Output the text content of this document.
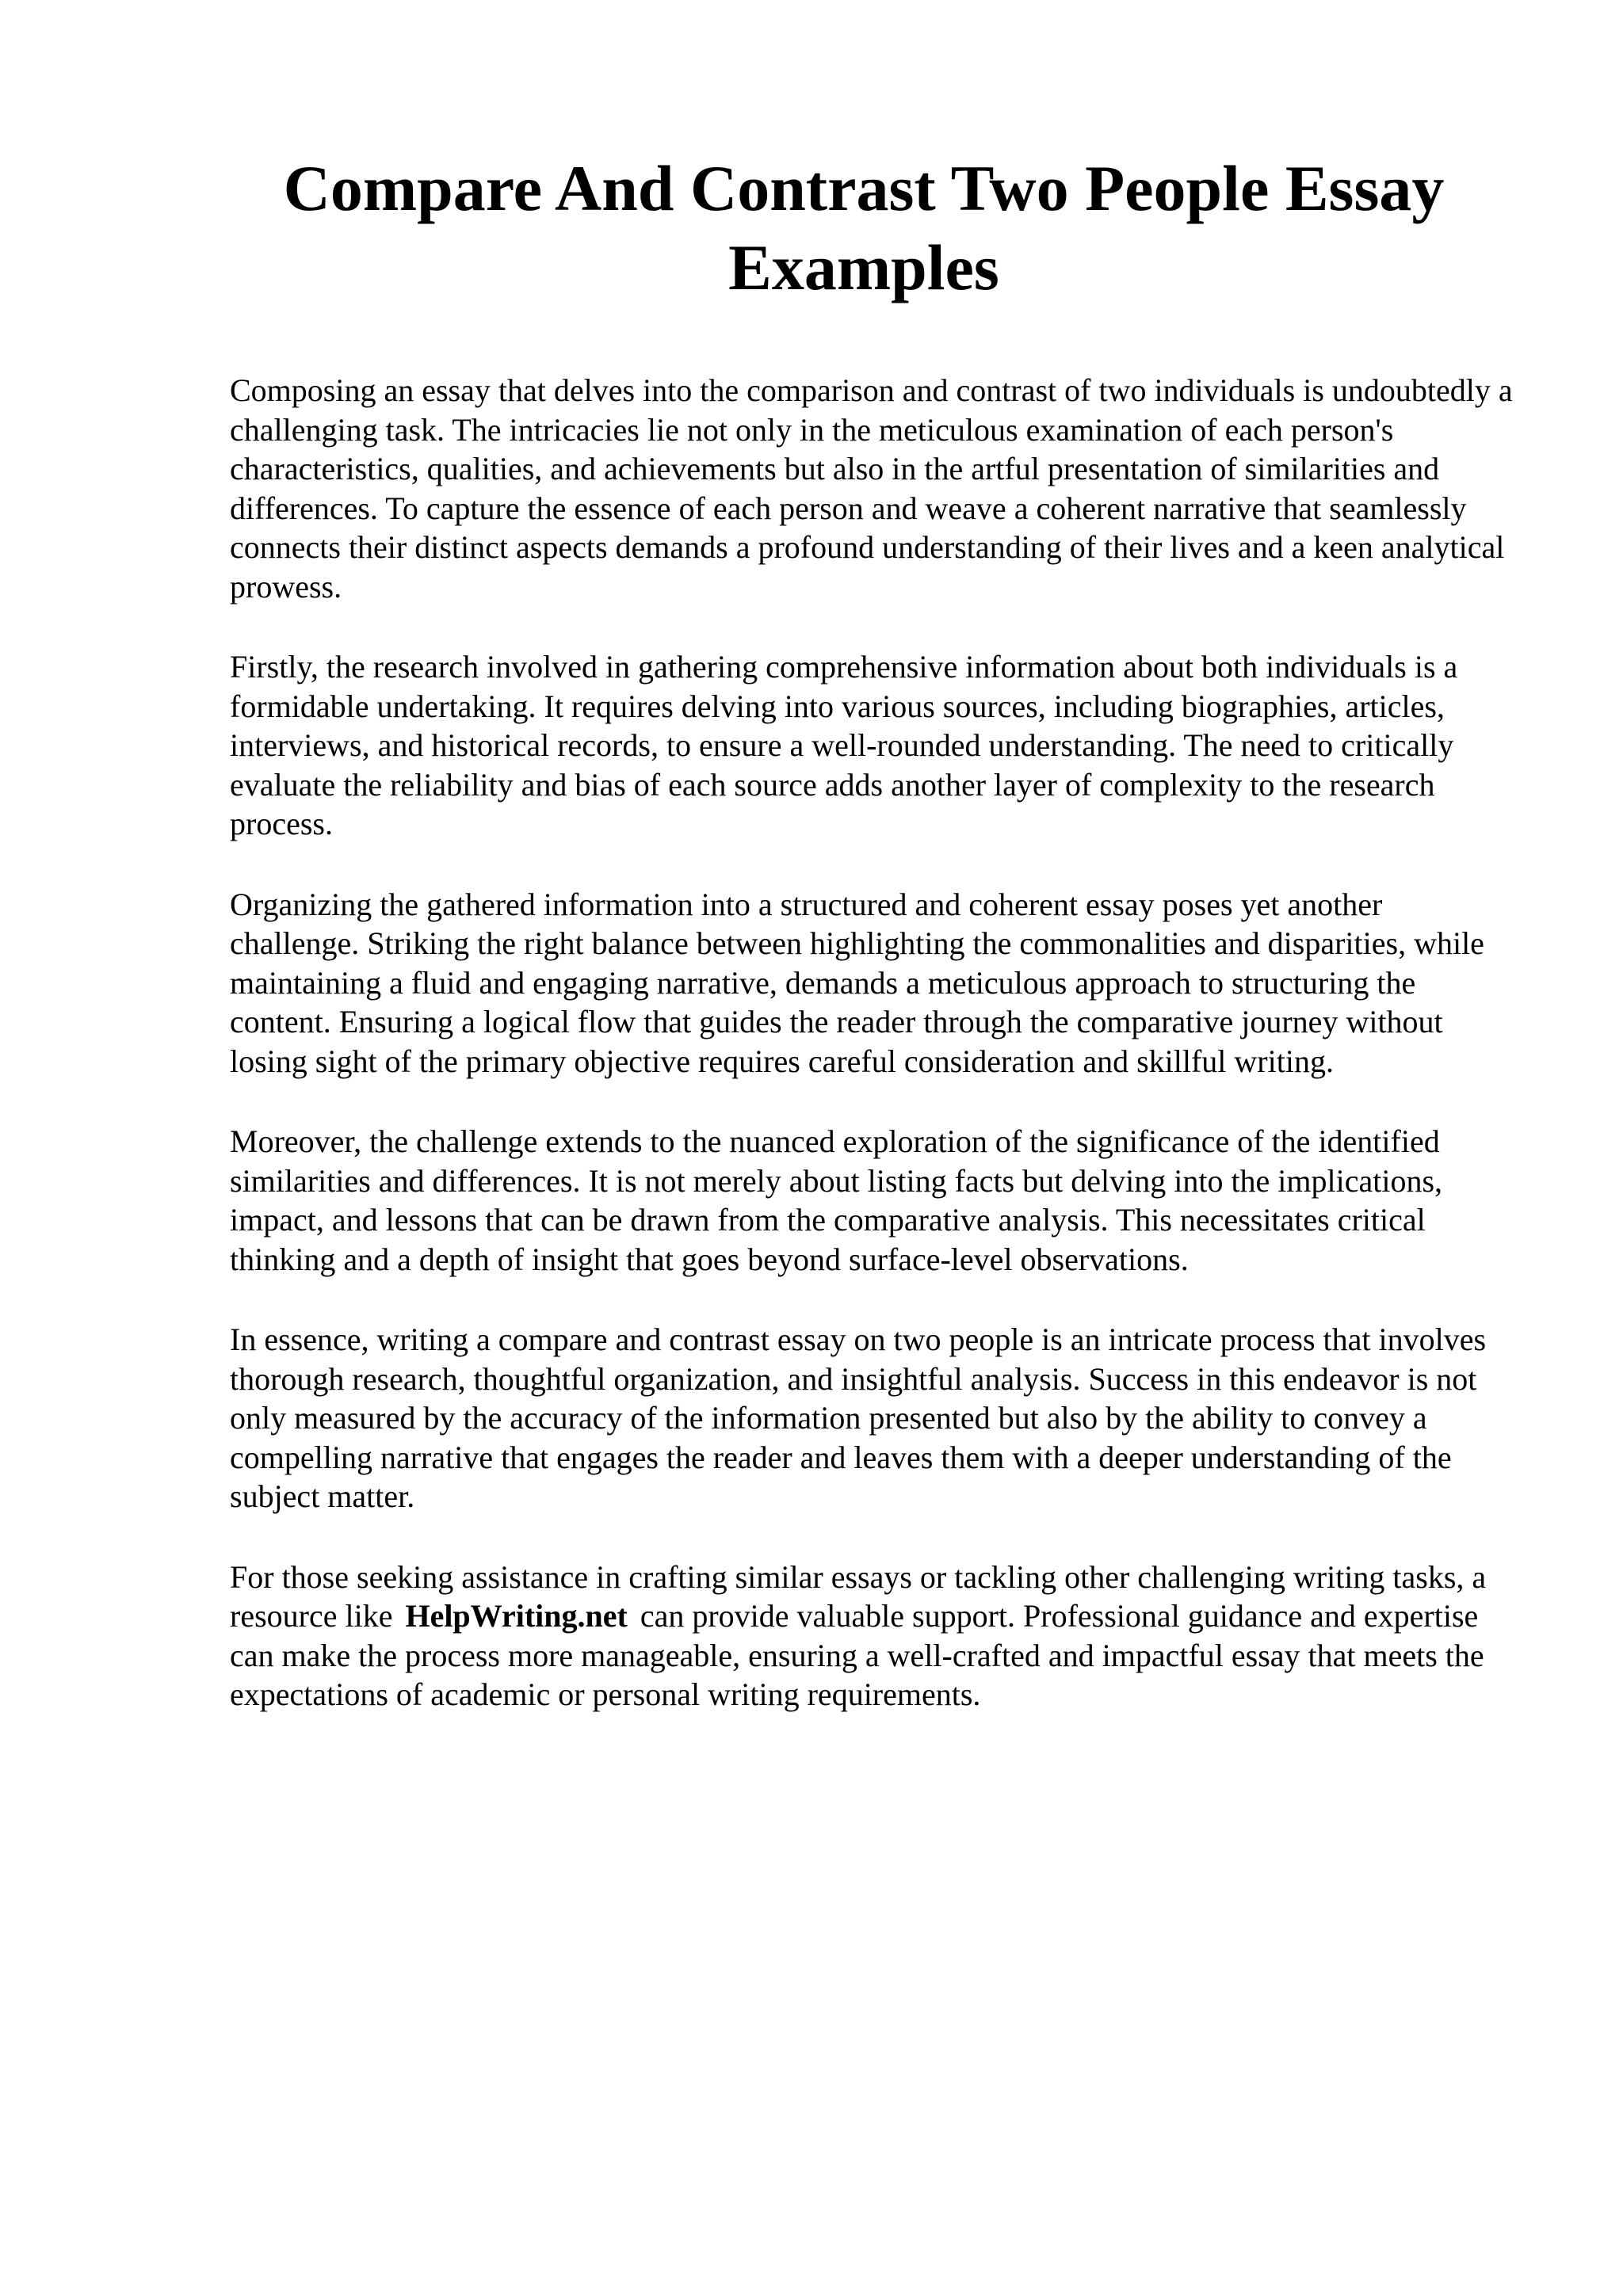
Compare And Contrast Two People Essay Examples

Composing an essay that delves into the comparison and contrast of two individuals is undoubtedly a challenging task. The intricacies lie not only in the meticulous examination of each person's characteristics, qualities, and achievements but also in the artful presentation of similarities and differences. To capture the essence of each person and weave a coherent narrative that seamlessly connects their distinct aspects demands a profound understanding of their lives and a keen analytical prowess.

Firstly, the research involved in gathering comprehensive information about both individuals is a formidable undertaking. It requires delving into various sources, including biographies, articles, interviews, and historical records, to ensure a well-rounded understanding. The need to critically evaluate the reliability and bias of each source adds another layer of complexity to the research process.

Organizing the gathered information into a structured and coherent essay poses yet another challenge. Striking the right balance between highlighting the commonalities and disparities, while maintaining a fluid and engaging narrative, demands a meticulous approach to structuring the content. Ensuring a logical flow that guides the reader through the comparative journey without losing sight of the primary objective requires careful consideration and skillful writing.

Moreover, the challenge extends to the nuanced exploration of the significance of the identified similarities and differences. It is not merely about listing facts but delving into the implications, impact, and lessons that can be drawn from the comparative analysis. This necessitates critical thinking and a depth of insight that goes beyond surface-level observations.

In essence, writing a compare and contrast essay on two people is an intricate process that involves thorough research, thoughtful organization, and insightful analysis. Success in this endeavor is not only measured by the accuracy of the information presented but also by the ability to convey a compelling narrative that engages the reader and leaves them with a deeper understanding of the subject matter.

For those seeking assistance in crafting similar essays or tackling other challenging writing tasks, a resource like HelpWriting.net can provide valuable support. Professional guidance and expertise can make the process more manageable, ensuring a well-crafted and impactful essay that meets the expectations of academic or personal writing requirements.
